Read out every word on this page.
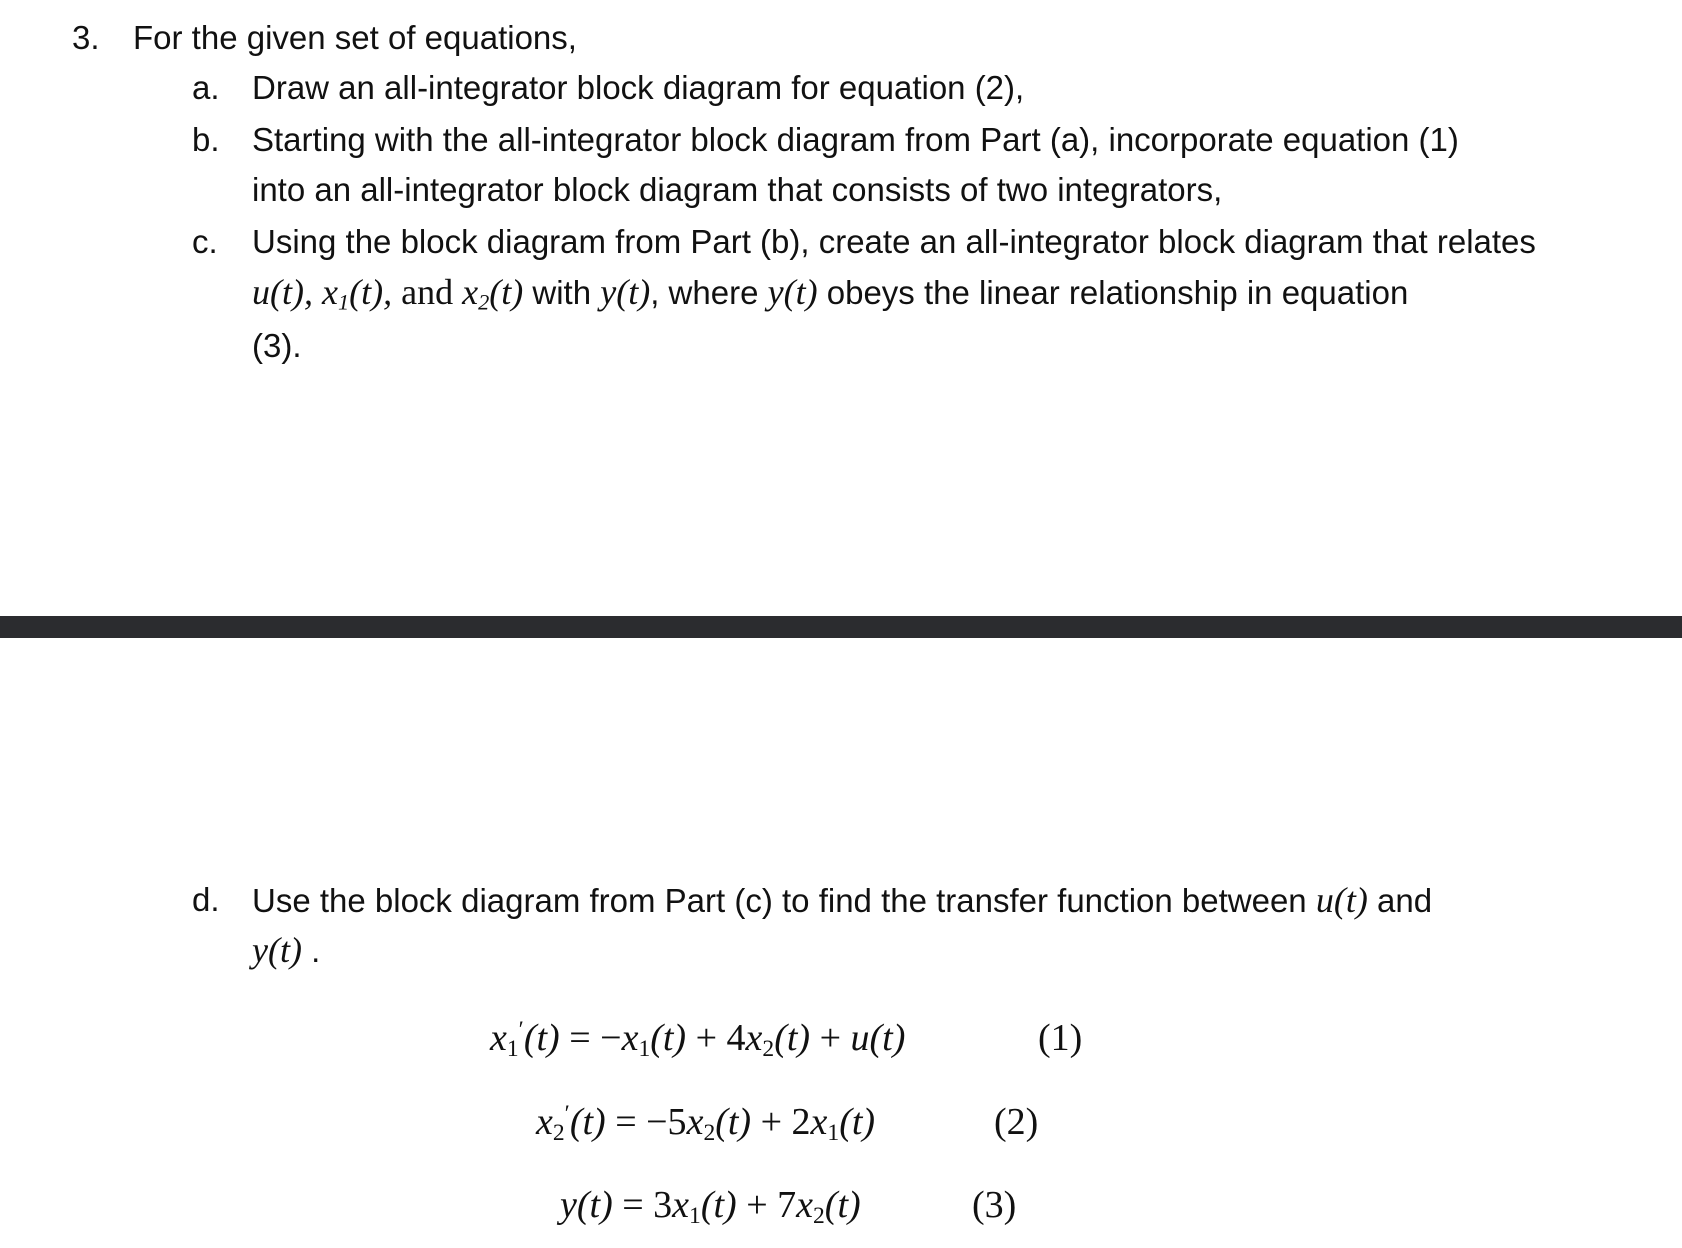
3. For the given set of equations,
a. Draw an all-integrator block diagram for equation (2),
b. Starting with the all-integrator block diagram from Part (a), incorporate equation (1)
into an all-integrator block diagram that consists of two integrators,
c. Using the block diagram from Part (b), create an all-integrator block diagram that relates
u(t), $x_1(t)$, and $x_2(t)$ with y(t), where y(t) obeys the linear relationship in equation
(3).
d. Use the block diagram from Part (c) to find the transfer function between u(t) and
y(t) .
$x_1'(t) = -x_1(t) + 4x_2(t) + u(t)$	(1)
$x_2'(t) = -5x_2(t) + 2x_1(t)$	(2)
$y(t) = 3x_1(t) + 7x_2(t)$	(3)
